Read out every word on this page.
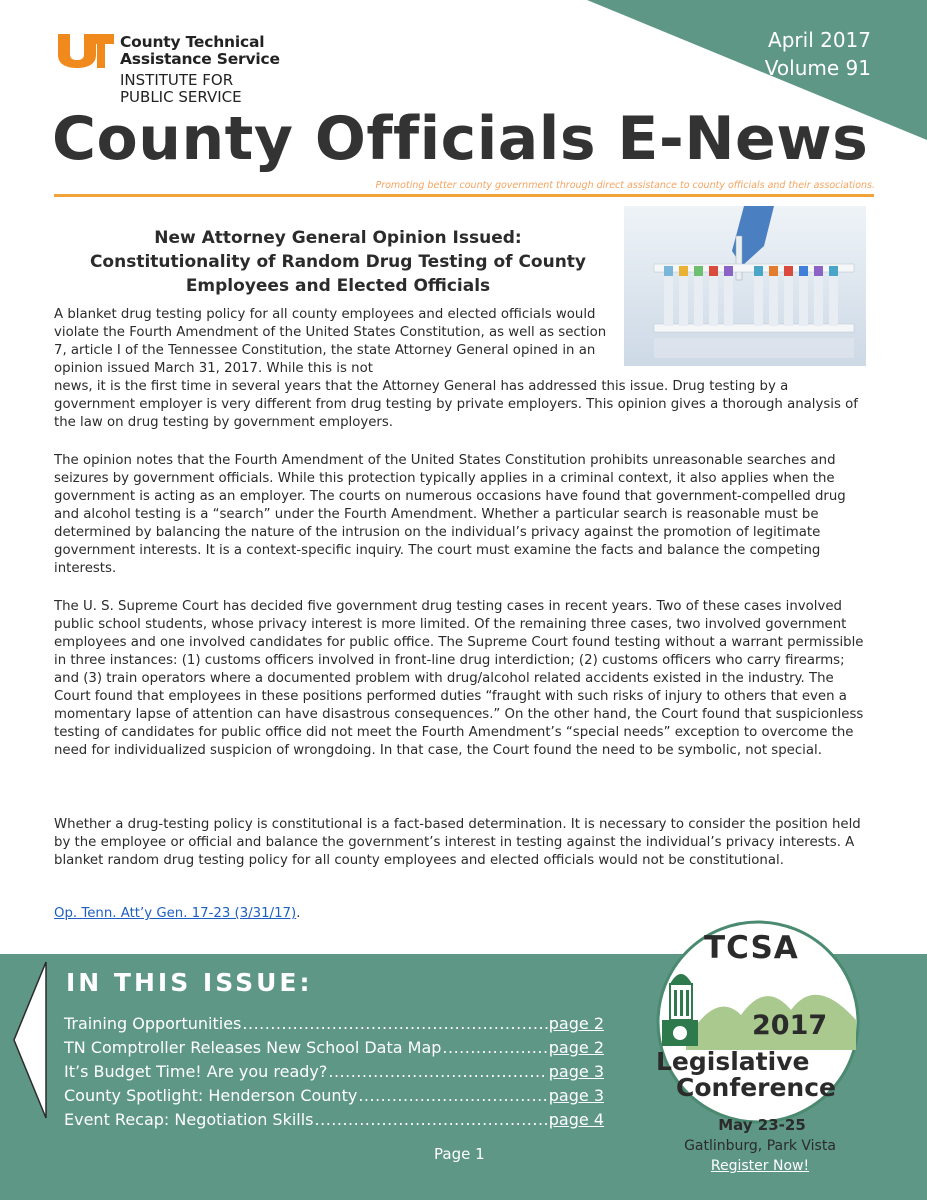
County Technical
Assistance Service
INSTITUTE FOR
PUBLIC SERVICE
April 2017
Volume 91
County Officials E-News
Promoting better county government through direct assistance to county officials and their associations.
New Attorney General Opinion Issued:
Constitutionality of Random Drug Testing of County
Employees and Elected Officials

A blanket drug testing policy for all county employees and elected officials would violate the Fourth Amendment of the United States Constitution, as well as section 7, article I of the Tennessee Constitution, the state Attorney General opined in an opinion issued March 31, 2017. While this is not

news, it is the first time in several years that the Attorney General has addressed this issue. Drug testing by a government employer is very different from drug testing by private employers. This opinion gives a thorough analysis of the law on drug testing by government employers.

The opinion notes that the Fourth Amendment of the United States Constitution prohibits unreasonable searches and seizures by government officials. While this protection typically applies in a criminal context, it also applies when the government is acting as an employer. The courts on numerous occasions have found that government-compelled drug and alcohol testing is a “search” under the Fourth Amendment. Whether a particular search is reasonable must be determined by balancing the nature of the intrusion on the individual’s privacy against the promotion of legitimate government interests. It is a context-specific inquiry. The court must examine the facts and balance the competing interests.

The U. S. Supreme Court has decided five government drug testing cases in recent years. Two of these cases involved public school students, whose privacy interest is more limited. Of the remaining three cases, two involved government employees and one involved candidates for public office. The Supreme Court found testing without a warrant permissible in three instances: (1) customs officers involved in front-line drug interdiction; (2) customs officers who carry firearms; and (3) train operators where a documented problem with drug/alcohol related accidents existed in the industry. The Court found that employees in these positions performed duties “fraught with such risks of injury to others that even a momentary lapse of attention can have disastrous consequences.” On the other hand, the Court found that suspicionless testing of candidates for public office did not meet the Fourth Amendment’s “special needs” exception to overcome the need for individualized suspicion of wrongdoing. In that case, the Court found the need to be symbolic, not special.

Whether a drug-testing policy is constitutional is a fact-based determination. It is necessary to consider the position held by the employee or official and balance the government’s interest in testing against the individual’s privacy interests. A blanket random drug testing policy for all county employees and elected officials would not be constitutional.

Op. Tenn. Att’y Gen. 17-23 (3/31/17).
IN THIS ISSUE:
Training Opportunities .....	page 2
TN Comptroller Releases New School Data Map .....	page 2
It’s Budget Time! Are you ready? .....	page 3
County Spotlight: Henderson County .....	page 3
Event Recap: Negotiation Skills .....	page 4
Page 1
TCSA
2017
Legislative
Conference
May 23-25
Gatlinburg, Park Vista
Register Now!
